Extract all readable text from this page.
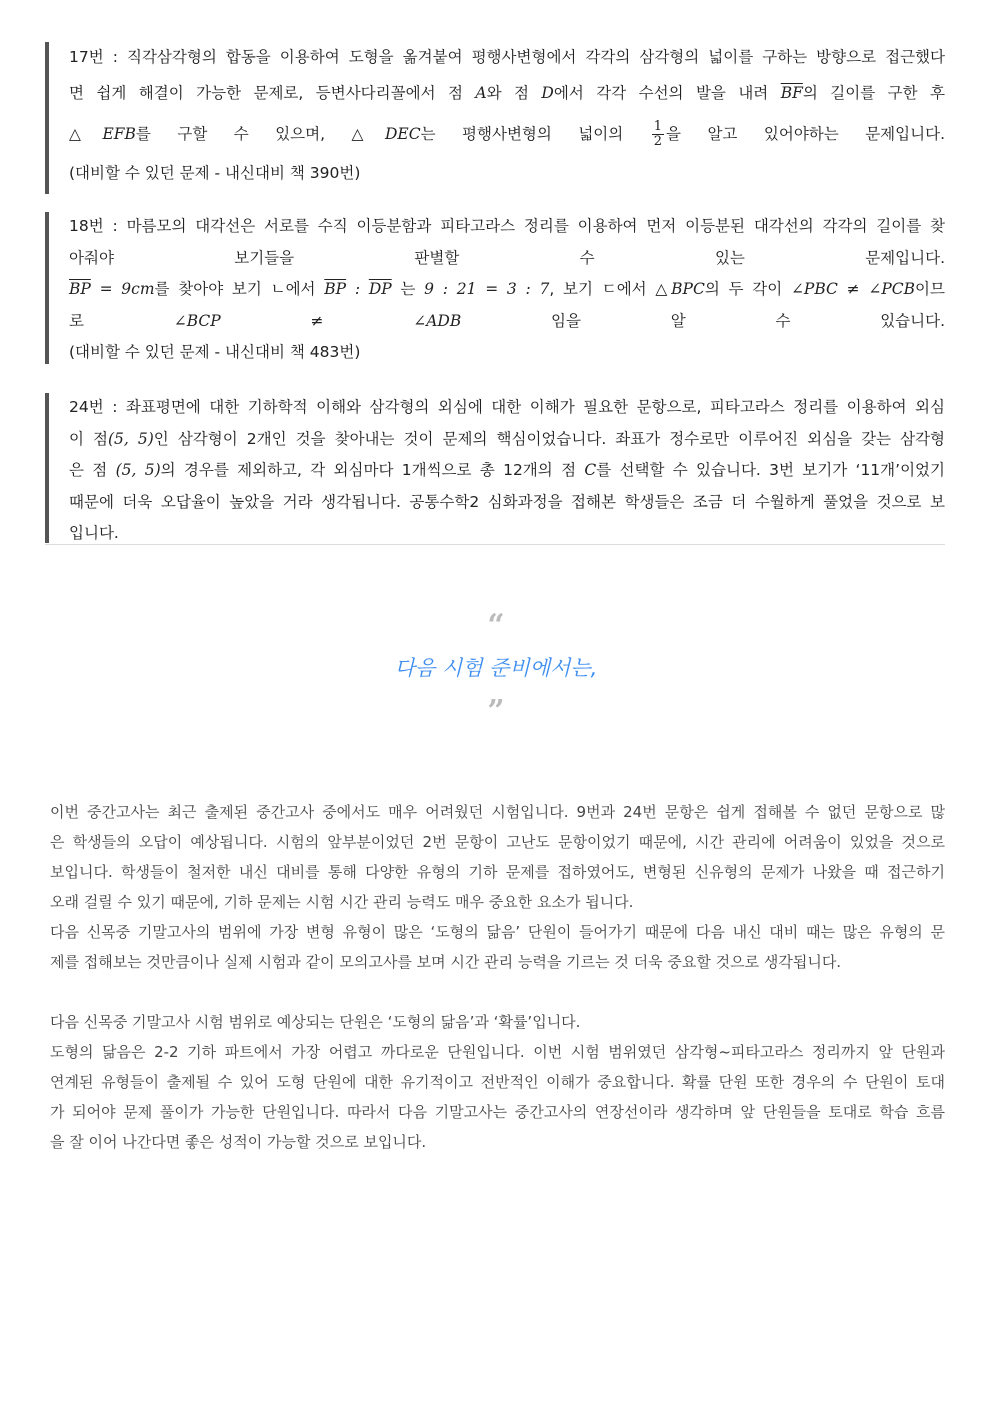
17번 : 직각삼각형의 합동을 이용하여 도형을 옮겨붙여 평행사변형에서 각각의 삼각형의 넓이를 구하는 방향으로 접근했다
면 쉽게 해결이 가능한 문제로, 등변사다리꼴에서 점 A와 점 D에서 각각 수선의 발을 내려 $\overline{BF}$의 길이를 구한 후
△EFB를 구할 수 있으며, △DEC는 평행사변형의 넓이의 $\frac{1}{2}$ 을 알고 있어야하는 문제입니다.
(대비할 수 있던 문제 - 내신대비 책 390번)
18번 : 마름모의 대각선은 서로를 수직 이등분함과 피타고라스 정리를 이용하여 먼저 이등분된 대각선의 각각의 길이를 찾
아줘야 보기들을 판별할 수 있는 문제입니다.
$\overline{BP} = 9cm$를 찾아야 보기 ㄴ에서 $\overline{BP}$ : $\overline{DP}$ 는 9 : 21 = 3 : 7, 보기 ㄷ에서 △BPC의 두 각이 ∠PBC ≠ ∠PCB이므
로 ∠BCP ≠ ∠ADB 임을 알 수 있습니다.
(대비할 수 있던 문제 - 내신대비 책 483번)
24번 : 좌표평면에 대한 기하학적 이해와 삼각형의 외심에 대한 이해가 필요한 문항으로, 피타고라스 정리를 이용하여 외심
이 점(5, 5)인 삼각형이 2개인 것을 찾아내는 것이 문제의 핵심이었습니다. 좌표가 정수로만 이루어진 외심을 갖는 삼각형
은 점 (5, 5)의 경우를 제외하고, 각 외심마다 1개씩으로 총 12개의 점 C를 선택할 수 있습니다. 3번 보기가 ‘11개’이었기
때문에 더욱 오답율이 높았을 거라 생각됩니다. 공통수학2 심화과정을 접해본 학생들은 조금 더 수월하게 풀었을 것으로 보
입니다.
“
다음 시험 준비에서는,
”
이번 중간고사는 최근 출제된 중간고사 중에서도 매우 어려웠던 시험입니다. 9번과 24번 문항은 쉽게 접해볼 수 없던 문항으로 많
은 학생들의 오답이 예상됩니다. 시험의 앞부분이었던 2번 문항이 고난도 문항이었기 때문에, 시간 관리에 어려움이 있었을 것으로
보입니다. 학생들이 철저한 내신 대비를 통해 다양한 유형의 기하 문제를 접하였어도, 변형된 신유형의 문제가 나왔을 때 접근하기
오래 걸릴 수 있기 때문에, 기하 문제는 시험 시간 관리 능력도 매우 중요한 요소가 됩니다.
다음 신목중 기말고사의 범위에 가장 변형 유형이 많은 ‘도형의 닮음’ 단원이 들어가기 때문에 다음 내신 대비 때는 많은 유형의 문
제를 접해보는 것만큼이나 실제 시험과 같이 모의고사를 보며 시간 관리 능력을 기르는 것 더욱 중요할 것으로 생각됩니다.
다음 신목중 기말고사 시험 범위로 예상되는 단원은 ‘도형의 닮음’과 ‘확률’입니다.
도형의 닮음은 2-2 기하 파트에서 가장 어렵고 까다로운 단원입니다. 이번 시험 범위였던 삼각형~피타고라스 정리까지 앞 단원과
연계된 유형들이 출제될 수 있어 도형 단원에 대한 유기적이고 전반적인 이해가 중요합니다. 확률 단원 또한 경우의 수 단원이 토대
가 되어야 문제 풀이가 가능한 단원입니다. 따라서 다음 기말고사는 중간고사의 연장선이라 생각하며 앞 단원들을 토대로 학습 흐름
을 잘 이어 나간다면 좋은 성적이 가능할 것으로 보입니다.
